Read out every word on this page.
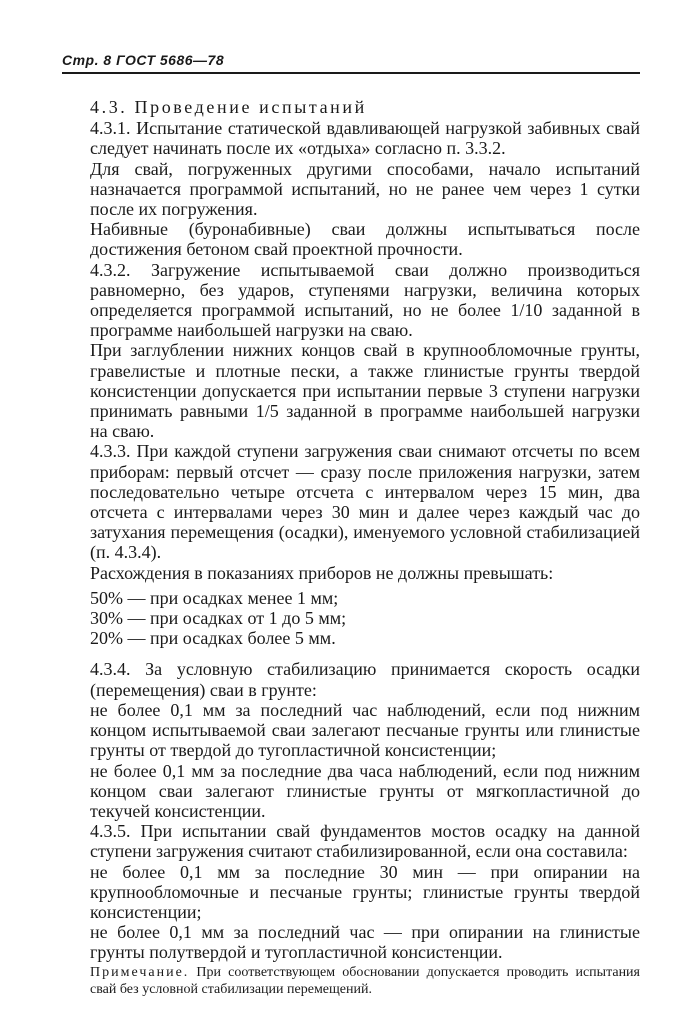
Стр. 8 ГОСТ 5686—78

4.3. Проведение испытаний

4.3.1. Испытание статической вдавливающей нагрузкой забивных свай следует начинать после их «отдыха» согласно п. 3.3.2.

Для свай, погруженных другими способами, начало испытаний назначается программой испытаний, но не ранее чем через 1 сутки после их погружения.

Набивные (буронабивные) сваи должны испытываться после достижения бетоном свай проектной прочности.

4.3.2. Загружение испытываемой сваи должно производиться равномерно, без ударов, ступенями нагрузки, величина которых определяется программой испытаний, но не более 1/10 заданной в программе наибольшей нагрузки на сваю.

При заглублении нижних концов свай в крупнообломочные грунты, гравелистые и плотные пески, а также глинистые грунты твердой консистенции допускается при испытании первые 3 ступени нагрузки принимать равными 1/5 заданной в программе наибольшей нагрузки на сваю.

4.3.3. При каждой ступени загружения сваи снимают отсчеты по всем приборам: первый отсчет — сразу после приложения нагрузки, затем последовательно четыре отсчета с интервалом через 15 мин, два отсчета с интервалами через 30 мин и далее через каждый час до затухания перемещения (осадки), именуемого условной стабилизацией (п. 4.3.4).

Расхождения в показаниях приборов не должны превышать:

50% — при осадках менее 1 мм;

30% — при осадках от 1 до 5 мм;

20% — при осадках более 5 мм.

4.3.4. За условную стабилизацию принимается скорость осадки (перемещения) сваи в грунте:

не более 0,1 мм за последний час наблюдений, если под нижним концом испытываемой сваи залегают песчаные грунты или глинистые грунты от твердой до тугопластичной консистенции;

не более 0,1 мм за последние два часа наблюдений, если под нижним концом сваи залегают глинистые грунты от мягкопластичной до текучей консистенции.

4.3.5. При испытании свай фундаментов мостов осадку на данной ступени загружения считают стабилизированной, если она составила:

не более 0,1 мм за последние 30 мин — при опирании на крупнообломочные и песчаные грунты; глинистые грунты твердой консистенции;

не более 0,1 мм за последний час — при опирании на глинистые грунты полутвердой и тугопластичной консистенции.

Примечание. При соответствующем обосновании допускается проводить испытания свай без условной стабилизации перемещений.
